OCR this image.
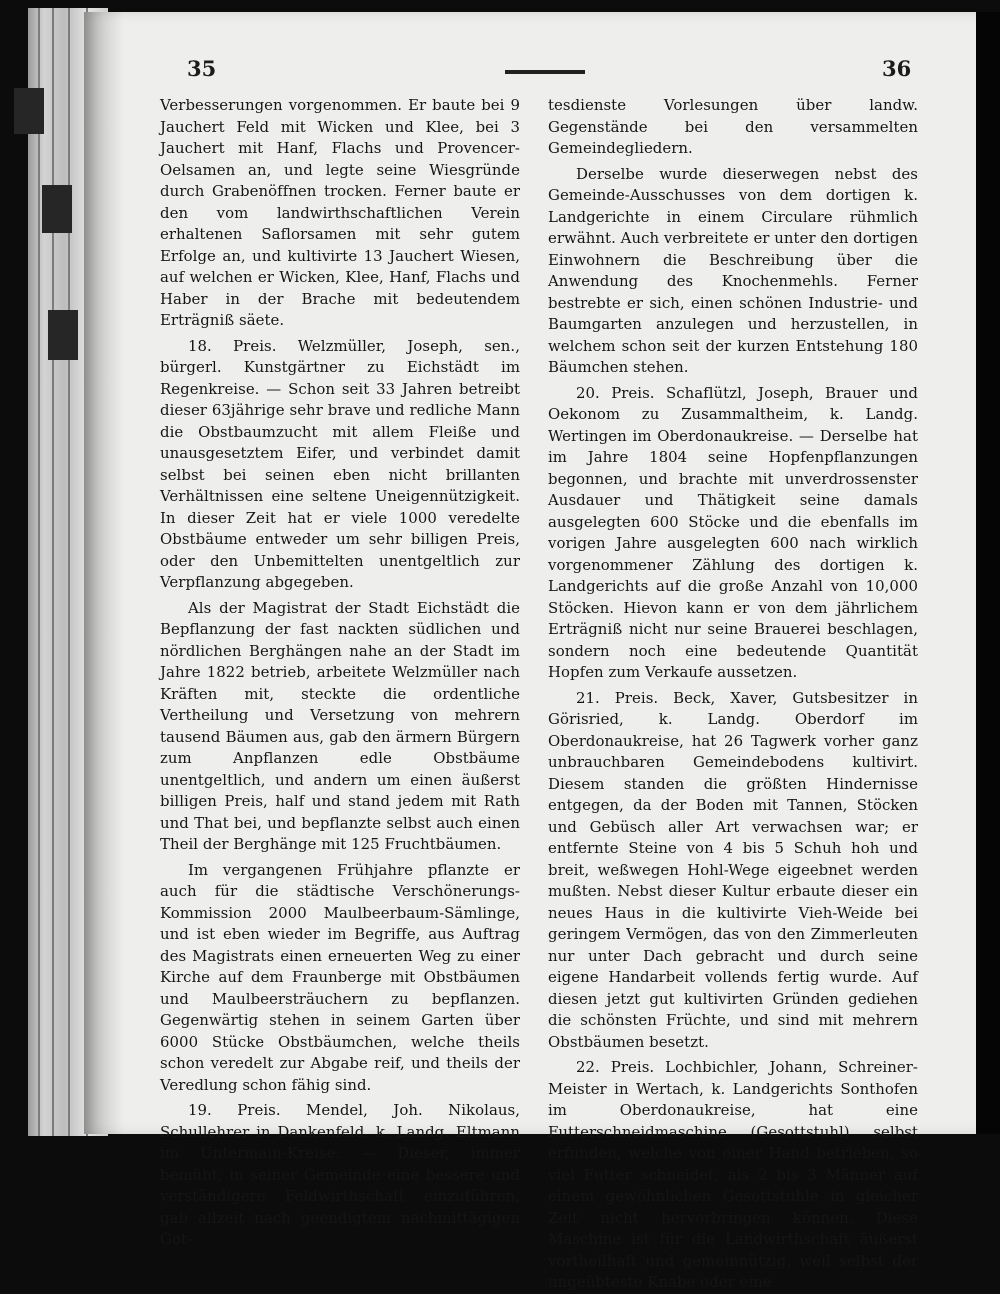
35	36

Verbesserungen vorgenommen. Er baute bei 9 Jauchert Feld mit Wicken und Klee, bei 3 Jauchert mit Hanf, Flachs und Provencer-Oelsamen an, und legte seine Wiesgründe durch Grabenöffnen trocken. Ferner baute er den vom landwirthschaftlichen Verein erhaltenen Saflorsamen mit sehr gutem Erfolge an, und kultivirte 13 Jauchert Wiesen, auf welchen er Wicken, Klee, Hanf, Flachs und Haber in der Brache mit bedeutendem Erträgniß säete.

18. Preis. Welzmüller, Joseph, sen., bürgerl. Kunstgärtner zu Eichstädt im Regenkreise. — Schon seit 33 Jahren betreibt dieser 63jährige sehr brave und redliche Mann die Obstbaumzucht mit allem Fleiße und unausgesetztem Eifer, und verbindet damit selbst bei seinen eben nicht brillanten Verhältnissen eine seltene Uneigennützigkeit. In dieser Zeit hat er viele 1000 veredelte Obstbäume entweder um sehr billigen Preis, oder den Unbemittelten unentgeltlich zur Verpflanzung abgegeben.

Als der Magistrat der Stadt Eichstädt die Bepflanzung der fast nackten südlichen und nördlichen Berghängen nahe an der Stadt im Jahre 1822 betrieb, arbeitete Welzmüller nach Kräften mit, steckte die ordentliche Vertheilung und Versetzung von mehrern tausend Bäumen aus, gab den ärmern Bürgern zum Anpflanzen edle Obstbäume unentgeltlich, und andern um einen äußerst billigen Preis, half und stand jedem mit Rath und That bei, und bepflanzte selbst auch einen Theil der Berghänge mit 125 Fruchtbäumen.

Im vergangenen Frühjahre pflanzte er auch für die städtische Verschönerungs-Kommission 2000 Maulbeerbaum-Sämlinge, und ist eben wieder im Begriffe, aus Auftrag des Magistrats einen erneuerten Weg zu einer Kirche auf dem Fraunberge mit Obstbäumen und Maulbeersträuchern zu bepflanzen. Gegenwärtig stehen in seinem Garten über 6000 Stücke Obstbäumchen, welche theils schon veredelt zur Abgabe reif, und theils der Veredlung schon fähig sind.

19. Preis. Mendel, Joh. Nikolaus, Schullehrer in Dankenfeld, k. Landg. Eltmann im Untermain-Kreise. — Dieser, immer bemüht, in seiner Gemeinde eine bessere und verständigere Feldwirthschaft einzuführen, gab allzeit nach geendigtem nachmittägigen Got-

tesdienste Vorlesungen über landw. Gegenstände bei den versammelten Gemeindegliedern.

Derselbe wurde dieserwegen nebst des Gemeinde-Ausschusses von dem dortigen k. Landgerichte in einem Circulare rühmlich erwähnt. Auch verbreitete er unter den dortigen Einwohnern die Beschreibung über die Anwendung des Knochenmehls. Ferner bestrebte er sich, einen schönen Industrie- und Baumgarten anzulegen und herzustellen, in welchem schon seit der kurzen Entstehung 180 Bäumchen stehen.

20. Preis. Schaflützl, Joseph, Brauer und Oekonom zu Zusammaltheim, k. Landg. Wertingen im Oberdonaukreise. — Derselbe hat im Jahre 1804 seine Hopfenpflanzungen begonnen, und brachte mit unverdrossenster Ausdauer und Thätigkeit seine damals ausgelegten 600 Stöcke und die ebenfalls im vorigen Jahre ausgelegten 600 nach wirklich vorgenommener Zählung des dortigen k. Landgerichts auf die große Anzahl von 10,000 Stöcken. Hievon kann er von dem jährlichem Erträgniß nicht nur seine Brauerei beschlagen, sondern noch eine bedeutende Quantität Hopfen zum Verkaufe aussetzen.

21. Preis. Beck, Xaver, Gutsbesitzer in Görisried, k. Landg. Oberdorf im Oberdonaukreise, hat 26 Tagwerk vorher ganz unbrauchbaren Gemeindebodens kultivirt. Diesem standen die größten Hindernisse entgegen, da der Boden mit Tannen, Stöcken und Gebüsch aller Art verwachsen war; er entfernte Steine von 4 bis 5 Schuh hoh und breit, weßwegen Hohl-Wege eigeebnet werden mußten. Nebst dieser Kultur erbaute dieser ein neues Haus in die kultivirte Vieh-Weide bei geringem Vermögen, das von den Zimmerleuten nur unter Dach gebracht und durch seine eigene Handarbeit vollends fertig wurde. Auf diesen jetzt gut kultivirten Gründen gediehen die schönsten Früchte, und sind mit mehrern Obstbäumen besetzt.

22. Preis. Lochbichler, Johann, Schreiner-Meister in Wertach, k. Landgerichts Sonthofen im Oberdonaukreise, hat eine Futterschneidmaschine (Gesottstuhl) selbst erfunden, welche von einer Hand betrieben, so viel Futter schneidet, als 2 bis 3 Männer auf einem gewöhnlichen Gesottstuhle in gleicher Zeit nicht hervorbringen können. Diese Maschine ist für die Landwirthschaft äußerst vortheilhaft und gemeinnützig, weil selbst der ungeübteste Knabe oder eine
